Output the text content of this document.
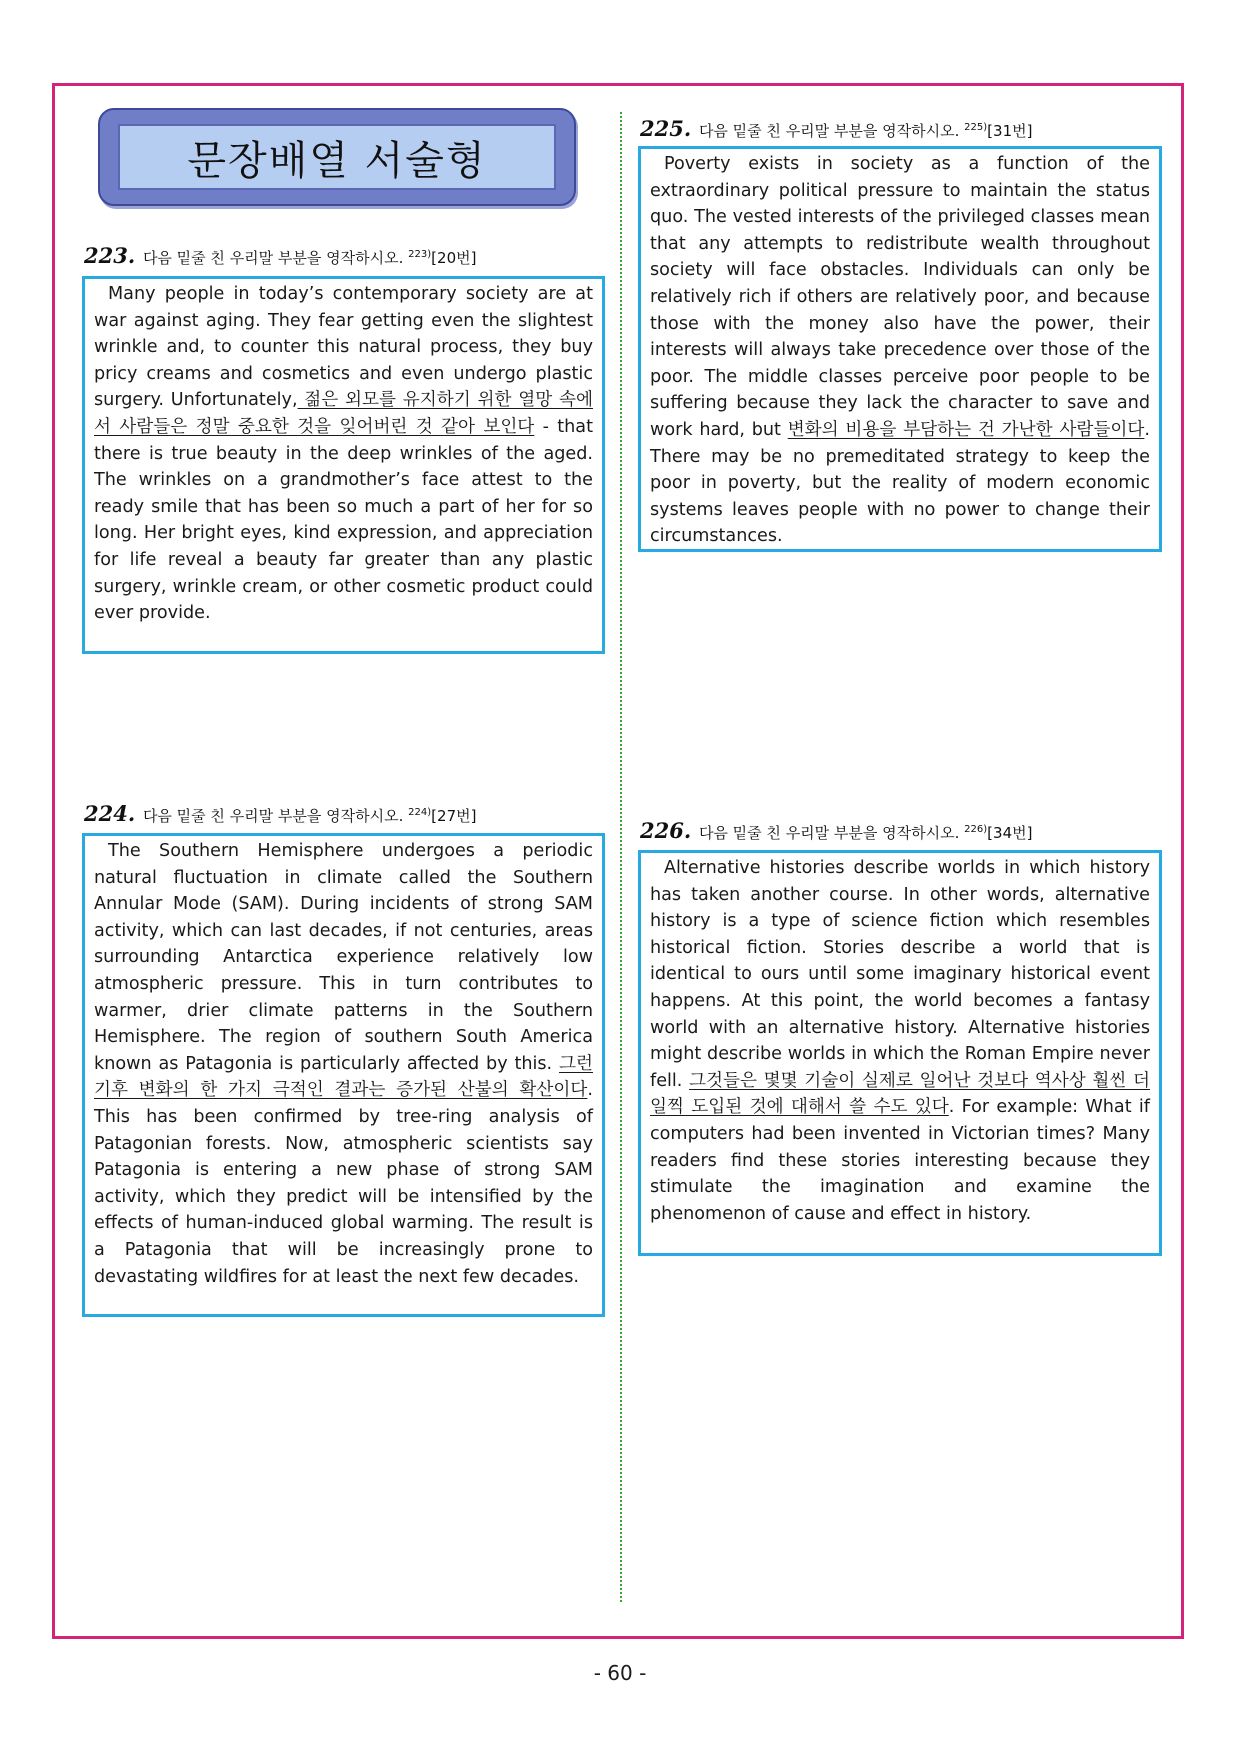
문장배열 서술형
223. 다음 밑줄 친 우리말 부분을 영작하시오. $^{223)}$[20번]

Many people in today’s contemporary society are at war against aging. They fear getting even the slightest wrinkle and, to counter this natural process, they buy pricy creams and cosmetics and even undergo plastic surgery. Unfortunately, 젊은 외모를 유지하기 위한 열망 속에서 사람들은 정말 중요한 것을 잊어버린 것 같아 보인다 - that there is true beauty in the deep wrinkles of the aged. The wrinkles on a grandmother’s face attest to the ready smile that has been so much a part of her for so long. Her bright eyes, kind expression, and appreciation for life reveal a beauty far greater than any plastic surgery, wrinkle cream, or other cosmetic product could ever provide.

224. 다음 밑줄 친 우리말 부분을 영작하시오. $^{224)}$[27번]

The Southern Hemisphere undergoes a periodic natural fluctuation in climate called the Southern Annular Mode (SAM). During incidents of strong SAM activity, which can last decades, if not centuries, areas surrounding Antarctica experience relatively low atmospheric pressure. This in turn contributes to warmer, drier climate patterns in the Southern Hemisphere. The region of southern South America known as Patagonia is particularly affected by this. 그런 기후 변화의 한 가지 극적인 결과는 증가된 산불의 확산이다. This has been confirmed by tree-ring analysis of Patagonian forests. Now, atmospheric scientists say Patagonia is entering a new phase of strong SAM activity, which they predict will be intensified by the effects of human-induced global warming. The result is a Patagonia that will be increasingly prone to devastating wildfires for at least the next few decades.

225. 다음 밑줄 친 우리말 부분을 영작하시오. $^{225)}$[31번]

Poverty exists in society as a function of the extraordinary political pressure to maintain the status quo. The vested interests of the privileged classes mean that any attempts to redistribute wealth throughout society will face obstacles. Individuals can only be relatively rich if others are relatively poor, and because those with the money also have the power, their interests will always take precedence over those of the poor. The middle classes perceive poor people to be suffering because they lack the character to save and work hard, but 변화의 비용을 부담하는 건 가난한 사람들이다. There may be no premeditated strategy to keep the poor in poverty, but the reality of modern economic systems leaves people with no power to change their circumstances.

226. 다음 밑줄 친 우리말 부분을 영작하시오. $^{226)}$[34번]

Alternative histories describe worlds in which history has taken another course. In other words, alternative history is a type of science fiction which resembles historical fiction. Stories describe a world that is identical to ours until some imaginary historical event happens. At this point, the world becomes a fantasy world with an alternative history. Alternative histories might describe worlds in which the Roman Empire never fell. 그것들은 몇몇 기술이 실제로 일어난 것보다 역사상 훨씬 더 일찍 도입된 것에 대해서 쓸 수도 있다. For example: What if computers had been invented in Victorian times? Many readers find these stories interesting because they stimulate the imagination and examine the phenomenon of cause and effect in history.

- 60 -
